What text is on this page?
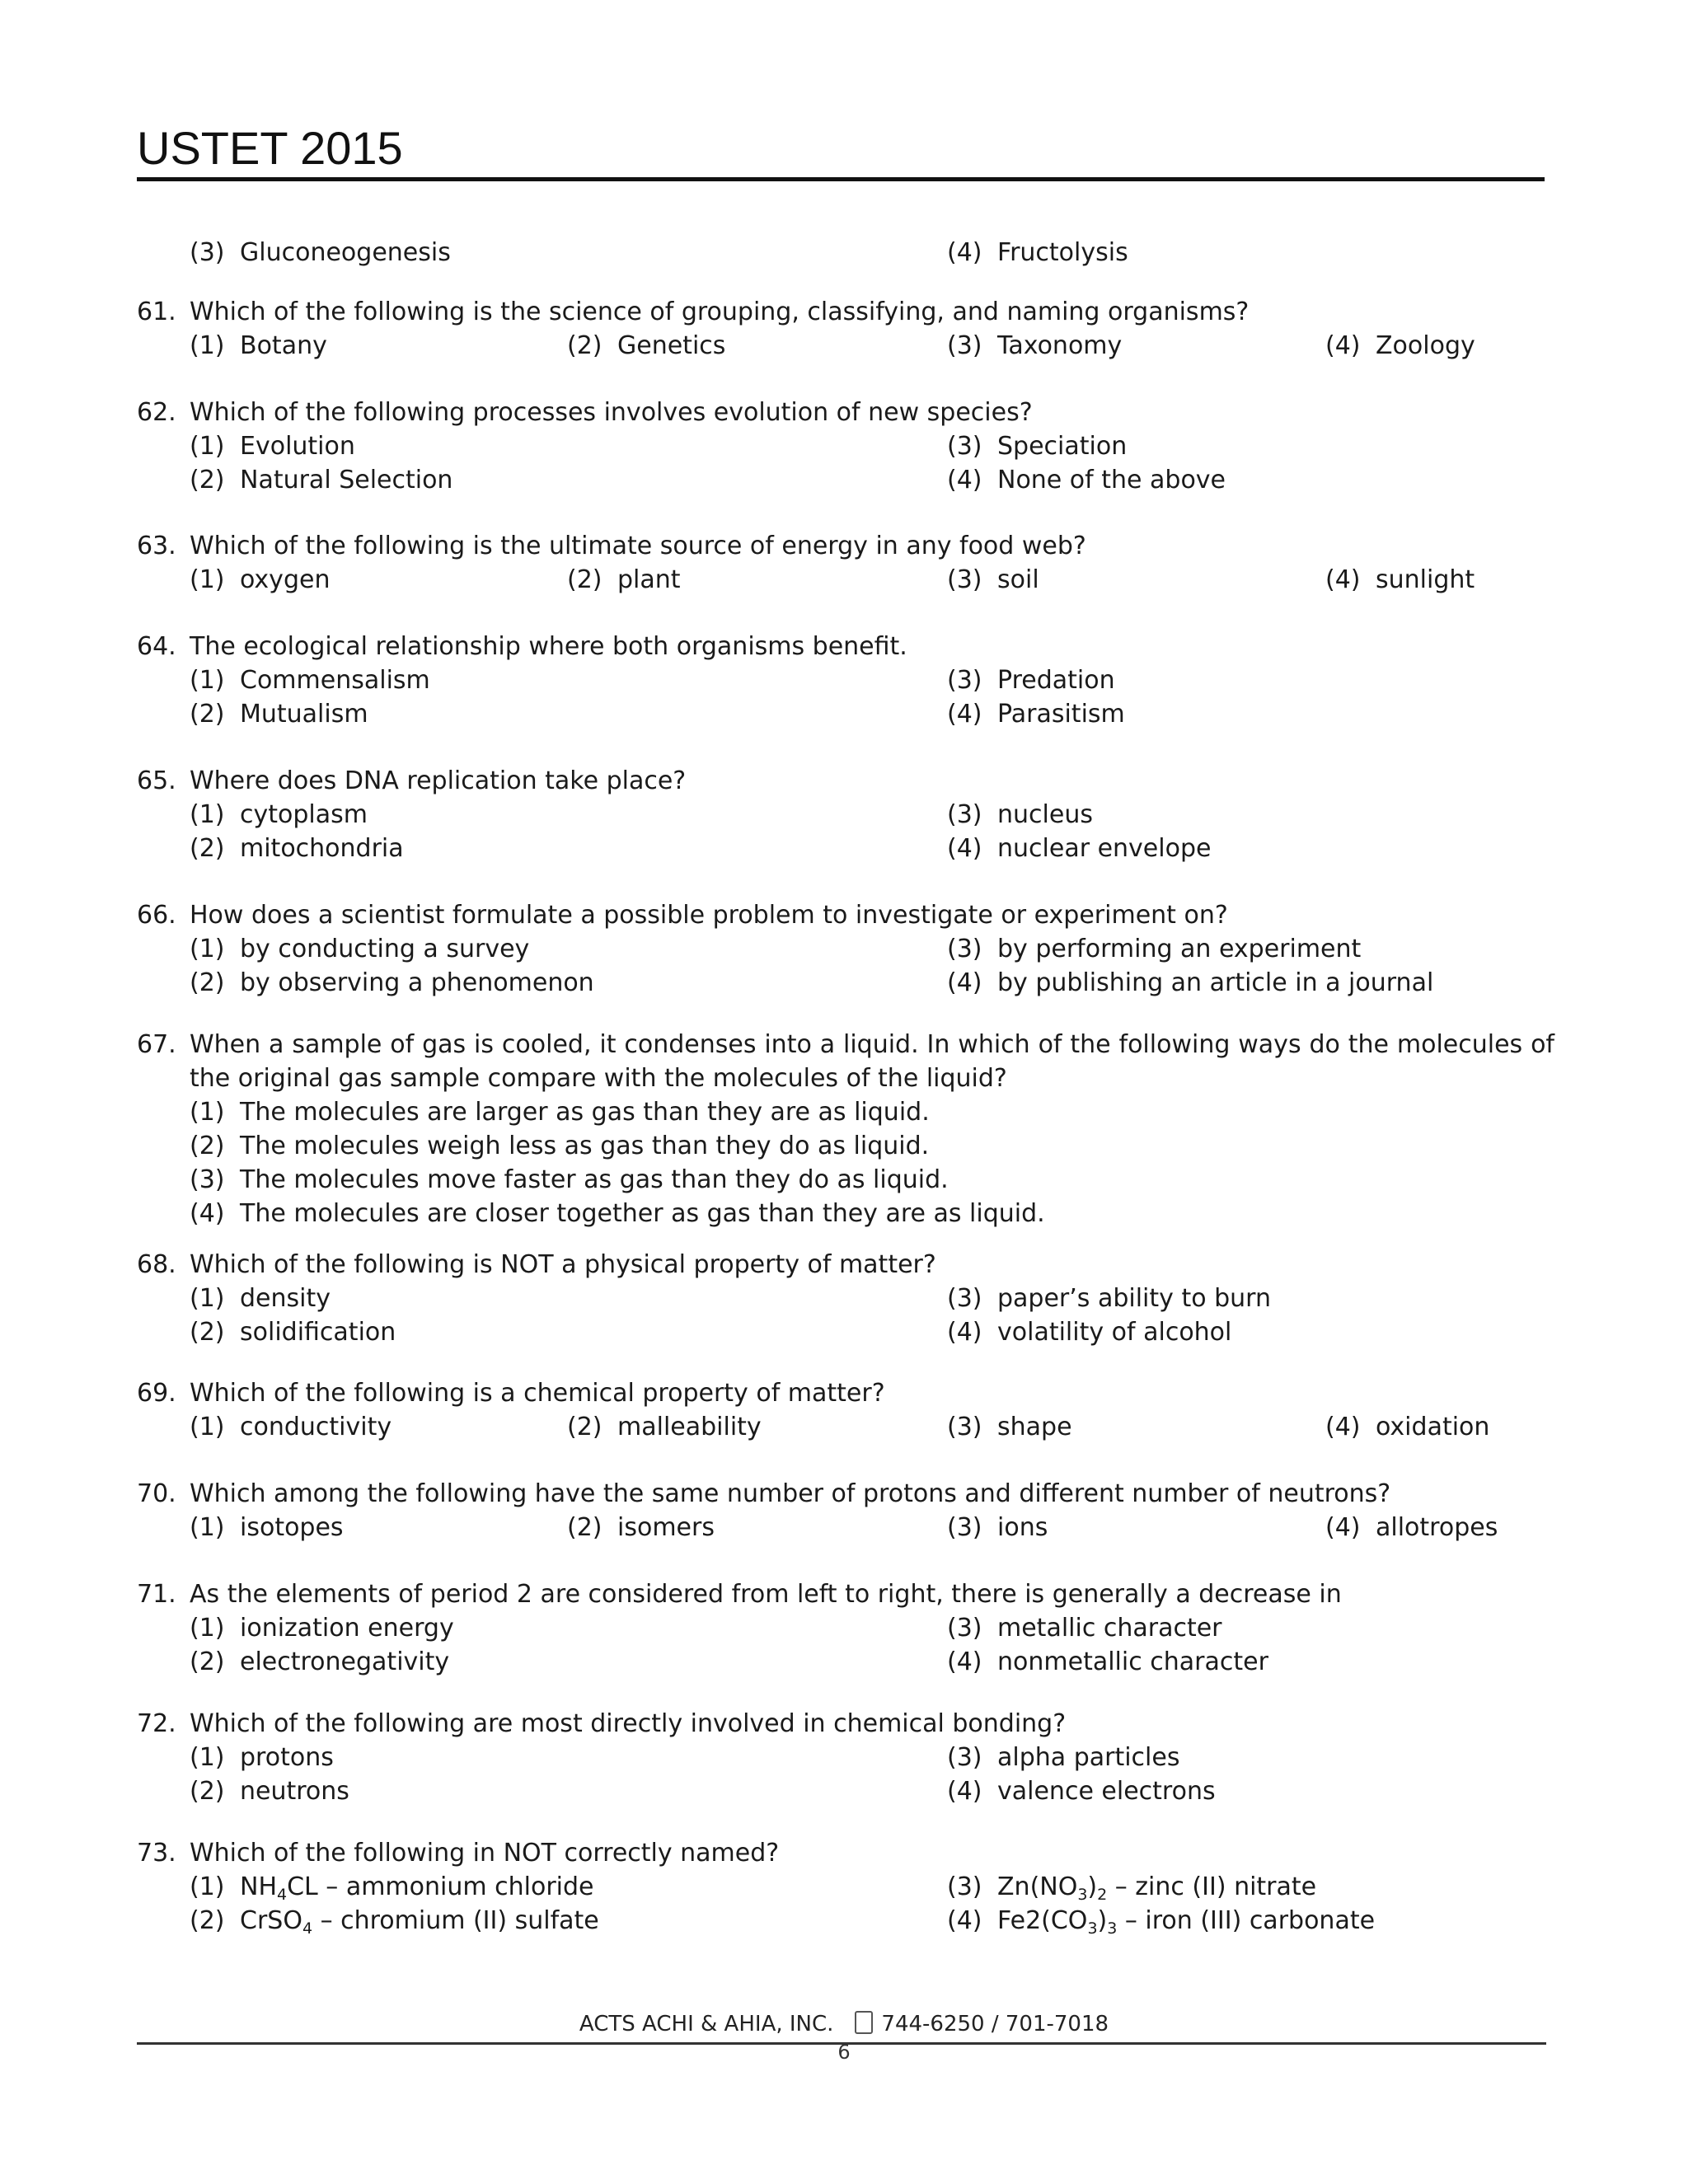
USTET 2015
(3) Gluconeogenesis	(4) Fructolysis
61. Which of the following is the science of grouping, classifying, and naming organisms?
(1) Botany	(2) Genetics	(3) Taxonomy	(4) Zoology
62. Which of the following processes involves evolution of new species?
(1) Evolution	(3) Speciation
(2) Natural Selection	(4) None of the above
63. Which of the following is the ultimate source of energy in any food web?
(1) oxygen	(2) plant	(3) soil	(4) sunlight
64. The ecological relationship where both organisms benefit.
(1) Commensalism	(3) Predation
(2) Mutualism	(4) Parasitism
65. Where does DNA replication take place?
(1) cytoplasm	(3) nucleus
(2) mitochondria	(4) nuclear envelope
66. How does a scientist formulate a possible problem to investigate or experiment on?
(1) by conducting a survey	(3) by performing an experiment
(2) by observing a phenomenon	(4) by publishing an article in a journal
67. When a sample of gas is cooled, it condenses into a liquid. In which of the following ways do the molecules of the original gas sample compare with the molecules of the liquid?
(1) The molecules are larger as gas than they are as liquid.
(2) The molecules weigh less as gas than they do as liquid.
(3) The molecules move faster as gas than they do as liquid.
(4) The molecules are closer together as gas than they are as liquid.
68. Which of the following is NOT a physical property of matter?
(1) density	(3) paper’s ability to burn
(2) solidification	(4) volatility of alcohol
69. Which of the following is a chemical property of matter?
(1) conductivity	(2) malleability	(3) shape	(4) oxidation
70. Which among the following have the same number of protons and different number of neutrons?
(1) isotopes	(2) isomers	(3) ions	(4) allotropes
71. As the elements of period 2 are considered from left to right, there is generally a decrease in
(1) ionization energy	(3) metallic character
(2) electronegativity	(4) nonmetallic character
72. Which of the following are most directly involved in chemical bonding?
(1) protons	(3) alpha particles
(2) neutrons	(4) valence electrons
73. Which of the following in NOT correctly named?
(1) $NH_4CL$ – ammonium chloride	(3) $Zn(NO_3)_2$ – zinc (II) nitrate
(2) CrSO$_4$ – chromium (II) sulfate	(4) $Fe2(CO_3)_3$ – iron (III) carbonate
ACTS ACHI & AHIA, INC. 744-6250 / 701-7018
6
